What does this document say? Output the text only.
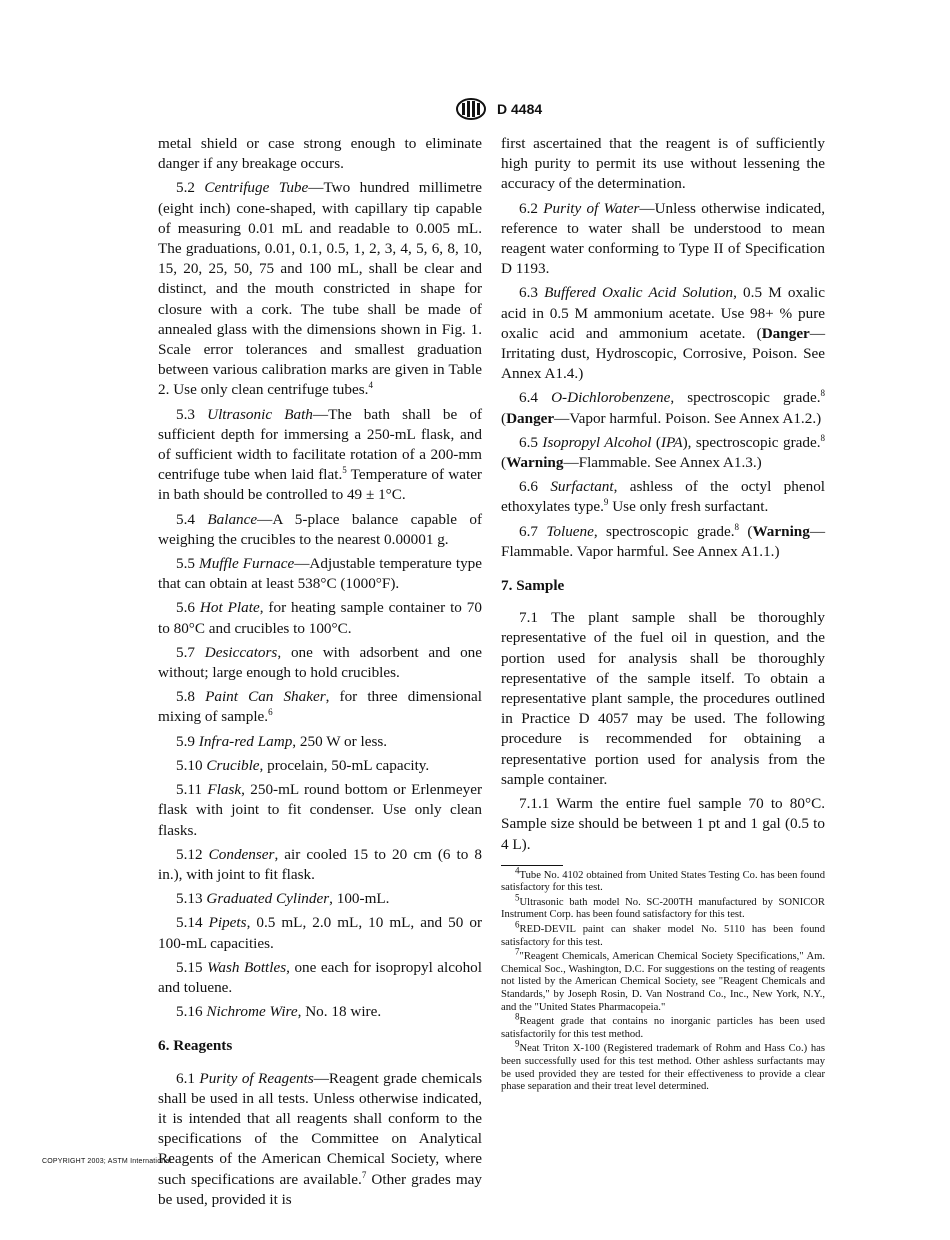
D 4484

metal shield or case strong enough to eliminate danger if any breakage occurs.

5.2 Centrifuge Tube—Two hundred millimetre (eight inch) cone-shaped, with capillary tip capable of measuring 0.01 mL and readable to 0.005 mL. The graduations, 0.01, 0.1, 0.5, 1, 2, 3, 4, 5, 6, 8, 10, 15, 20, 25, 50, 75 and 100 mL, shall be clear and distinct, and the mouth constricted in shape for closure with a cork. The tube shall be made of annealed glass with the dimensions shown in Fig. 1. Scale error tolerances and smallest graduation between various calibration marks are given in Table 2. Use only clean centrifuge tubes.$^4$

5.3 Ultrasonic Bath—The bath shall be of sufficient depth for immersing a 250-mL flask, and of sufficient width to facilitate rotation of a 200-mm centrifuge tube when laid flat.$^5$ Temperature of water in bath should be controlled to 49 ± 1°C.

5.4 Balance—A 5-place balance capable of weighing the crucibles to the nearest 0.00001 g.

5.5 Muffle Furnace—Adjustable temperature type that can obtain at least 538°C (1000°F).

5.6 Hot Plate, for heating sample container to 70 to 80°C and crucibles to 100°C.

5.7 Desiccators, one with adsorbent and one without; large enough to hold crucibles.

5.8 Paint Can Shaker, for three dimensional mixing of sample.$^6$

5.9 Infra-red Lamp, 250 W or less.

5.10 Crucible, procelain, 50-mL capacity.

5.11 Flask, 250-mL round bottom or Erlenmeyer flask with joint to fit condenser. Use only clean flasks.

5.12 Condenser, air cooled 15 to 20 cm (6 to 8 in.), with joint to fit flask.

5.13 Graduated Cylinder, 100-mL.

5.14 Pipets, 0.5 mL, 2.0 mL, 10 mL, and 50 or 100-mL capacities.

5.15 Wash Bottles, one each for isopropyl alcohol and toluene.

5.16 Nichrome Wire, No. 18 wire.

6. Reagents

6.1 Purity of Reagents—Reagent grade chemicals shall be used in all tests. Unless otherwise indicated, it is intended that all reagents shall conform to the specifications of the Committee on Analytical Reagents of the American Chemical Society, where such specifications are available.$^7$ Other grades may be used, provided it is

first ascertained that the reagent is of sufficiently high purity to permit its use without lessening the accuracy of the determination.

6.2 Purity of Water—Unless otherwise indicated, reference to water shall be understood to mean reagent water conforming to Type II of Specification D 1193.

6.3 Buffered Oxalic Acid Solution, 0.5 M oxalic acid in 0.5 M ammonium acetate. Use 98+ % pure oxalic acid and ammonium acetate. (Danger—Irritating dust, Hydroscopic, Corrosive, Poison. See Annex A1.4.)

6.4 O-Dichlorobenzene, spectroscopic grade.$^8$ (Danger—Vapor harmful. Poison. See Annex A1.2.)

6.5 Isopropyl Alcohol (IPA), spectroscopic grade.$^8$ (Warning—Flammable. See Annex A1.3.)

6.6 Surfactant, ashless of the octyl phenol ethoxylates type.$^9$ Use only fresh surfactant.

6.7 Toluene, spectroscopic grade.$^8$ (Warning—Flammable. Vapor harmful. See Annex A1.1.)

7. Sample

7.1 The plant sample shall be thoroughly representative of the fuel oil in question, and the portion used for analysis shall be thoroughly representative of the sample itself. To obtain a representative plant sample, the procedures outlined in Practice D 4057 may be used. The following procedure is recommended for obtaining a representative portion used for analysis from the sample container.

7.1.1 Warm the entire fuel sample 70 to 80°C. Sample size should be between 1 pt and 1 gal (0.5 to 4 L).

$^4$Tube No. 4102 obtained from United States Testing Co. has been found satisfactory for this test.

$^5$Ultrasonic bath model No. SC-200TH manufactured by SONICOR Instrument Corp. has been found satisfactory for this test.

$^6$RED-DEVIL paint can shaker model No. 5110 has been found satisfactory for this test.

$^7$"Reagent Chemicals, American Chemical Society Specifications," Am. Chemical Soc., Washington, D.C. For suggestions on the testing of reagents not listed by the American Chemical Society, see "Reagent Chemicals and Standards," by Joseph Rosin, D. Van Nostrand Co., Inc., New York, N.Y., and the "United States Pharmacopeia."

$^8$Reagent grade that contains no inorganic particles has been used satisfactorily for this test method.

$^9$Neat Triton X-100 (Registered trademark of Rohm and Hass Co.) has been successfully used for this test method. Other ashless surfactants may be used provided they are tested for their effectiveness to provide a clear phase separation and their treat level determined.

COPYRIGHT 2003; ASTM International
